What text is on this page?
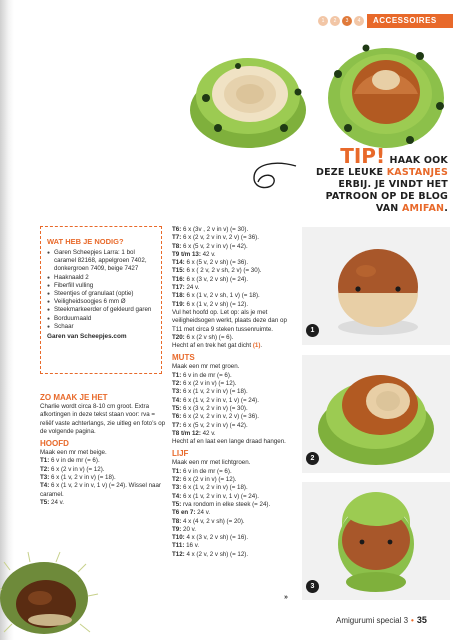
1	2	3	4	ACCESSOIRES
TIP! HAAK OOK
DEZE LEUKE KASTANJES
ERBIJ. JE VINDT HET
PATROON OP DE BLOG
VAN AMIFAN.
WAT HEB JE NODIG?
● Garen Scheepjes Larra: 1 bol caramel 82168, appelgroen 7402, donkergroen 7409, beige 7427
● Haaknaald 2
● Fiberfill vulling
● Steentjes of granulaat (optie)
● Veiligheidsoogjes 6 mm Ø
● Steekmarkeerder of gekleurd garen
● Borduurnaald
● Schaar
Garen van Scheepjes.com
ZO MAAK JE HET

Charlie wordt circa 8-10 cm groot. Extra afkortingen in deze tekst staan voor: rva = reliëf vaste achterlangs, zie uitleg en foto’s op de volgende pagina.

HOOFD

Maak een mr met beige.

T1: 6 v in de mr (= 6).

T2: 6 x (2 v in v) (= 12).

T3: 6 x (1 v, 2 v in v) (= 18).

T4: 6 x (1 v, 2 v in v, 1 v) (= 24). Wissel naar caramel.

T5: 24 v.

T6: 6 x (3v , 2 v in v) (= 30).

T7: 6 x (2 v, 2 v in v, 2 v) (= 36).

T8: 6 x (5 v, 2 v in v) (= 42).

T9 t/m 13: 42 v.

T14: 6 x (5 v, 2 v sh) (= 36).

T15: 6 x ( 2 v, 2 v sh, 2 v) (= 30).

T16: 6 x (3 v, 2 v sh) (= 24).

T17: 24 v.

T18: 6 x (1 v, 2 v sh, 1 v) (= 18).

T19: 6 x (1 v, 2 v sh) (= 12).

Vul het hoofd op. Let op: als je met veiligheidsogen werkt, plaats deze dan op T11 met circa 9 steken tussenruimte.

T20: 6 x (2 v sh) (= 6).

Hecht af en trek het gat dicht (1).

MUTS

Maak een mr met groen.

T1: 6 v in de mr (= 6).

T2: 6 x (2 v in v) (= 12).

T3: 6 x (1 v, 2 v in v) (= 18).

T4: 6 x (1 v, 2 v in v, 1 v) (= 24).

T5: 6 x (3 v, 2 v in v) (= 30).

T6: 6 x (2 v, 2 v in v, 2 v) (= 36).

T7: 6 x (5 v, 2 v in v) (= 42).

T8 t/m 12: 42 v.

Hecht af en laat een lange draad hangen.

LIJF

Maak een mr met lichtgroen.

T1: 6 v in de mr (= 6).

T2: 6 x (2 v in v) (= 12).

T3: 6 x (1 v, 2 v in v) (= 18).

T4: 6 x (1 v, 2 v in v, 1 v) (= 24).

T5: rva rondom in elke steek (= 24).

T6 en 7: 24 v.

T8: 4 x (4 v, 2 v sh) (= 20).

T9: 20 v.

T10: 4 x (3 v, 2 v sh) (= 16).

T11: 16 v.

T12: 4 x (2 v, 2 v sh) (= 12).

1
2
3
»
Amigurumi special 3 • 35
